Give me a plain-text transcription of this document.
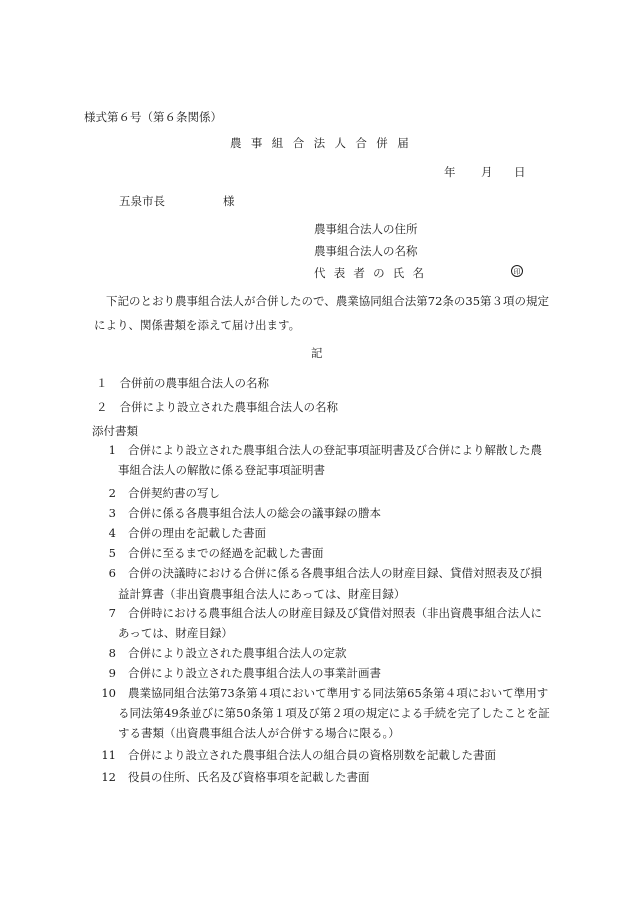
様式第６号（第６条関係）
農事組合法人合併届
年 月 日
五泉市長	様
農事組合法人の住所
農事組合法人の名称
代表者の氏名	印
下記のとおり農事組合法人が合併したので、農業協同組合法第72条の35第３項の規定
により、関係書類を添えて届け出ます。
記
１ 合併前の農事組合法人の名称
２ 合併により設立された農事組合法人の名称
添付書類
1 合併により設立された農事組合法人の登記事項証明書及び合併により解散した農
事組合法人の解散に係る登記事項証明書
2 合併契約書の写し
3 合併に係る各農事組合法人の総会の議事録の謄本
4 合併の理由を記載した書面
5 合併に至るまでの経過を記載した書面
6 合併の決議時における合併に係る各農事組合法人の財産目録、貸借対照表及び損
益計算書（非出資農事組合法人にあっては、財産目録）
7 合併時における農事組合法人の財産目録及び貸借対照表（非出資農事組合法人に
あっては、財産目録）
8 合併により設立された農事組合法人の定款
9 合併により設立された農事組合法人の事業計画書
10 農業協同組合法第73条第４項において準用する同法第65条第４項において準用す
る同法第49条並びに第50条第１項及び第２項の規定による手続を完了したことを証
する書類（出資農事組合法人が合併する場合に限る。）
11 合併により設立された農事組合法人の組合員の資格別数を記載した書面
12 役員の住所、氏名及び資格事項を記載した書面
